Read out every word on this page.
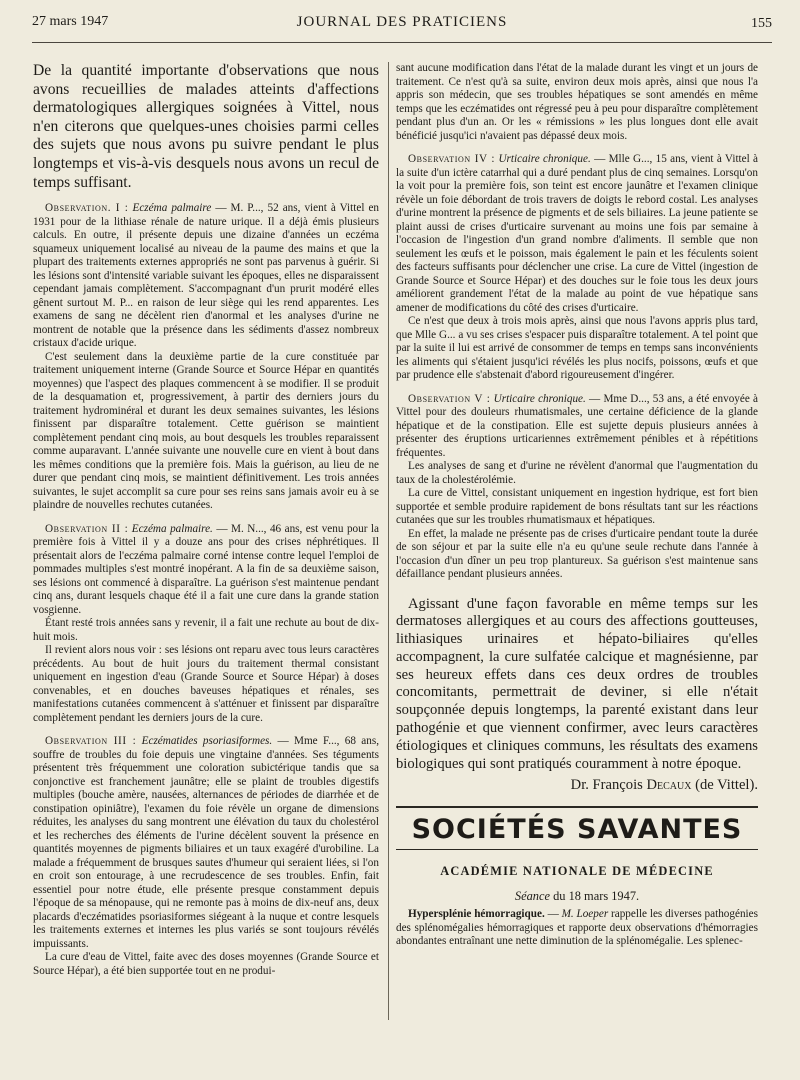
27 mars 1947	JOURNAL DES PRATICIENS	155

De la quantité importante d'observations que nous avons recueillies de malades atteints d'affections dermatologiques allergiques soignées à Vittel, nous n'en citerons que quelques-unes choisies parmi celles des sujets que nous avons pu suivre pendant le plus longtemps et vis-à-vis desquels nous avons un recul de temps suffisant.

Observation. I : Eczéma palmaire — M. P..., 52 ans, vient à Vittel en 1931 pour de la lithiase rénale de nature urique. Il a déjà émis plusieurs calculs. En outre, il présente depuis une dizaine d'années un eczéma squameux uniquement localisé au niveau de la paume des mains et que la plupart des traitements externes appropriés ne sont pas parvenus à guérir. Si les lésions sont d'intensité variable suivant les époques, elles ne disparaissent cependant jamais complètement. S'accompagnant d'un prurit modéré elles gênent surtout M. P... en raison de leur siège qui les rend apparentes. Les examens de sang ne décèlent rien d'anormal et les analyses d'urine ne montrent de notable que la présence dans les sédiments d'assez nombreux cristaux d'acide urique.

C'est seulement dans la deuxième partie de la cure constituée par traitement uniquement interne (Grande Source et Source Hépar en quantités moyennes) que l'aspect des plaques commencent à se modifier. Il se produit de la desquamation et, progressivement, à partir des derniers jours du traitement hydrominéral et durant les deux semaines suivantes, les lésions finissent par disparaître totalement. Cette guérison se maintient complètement pendant cinq mois, au bout desquels les troubles reparaissent comme auparavant. L'année suivante une nouvelle cure en vient à bout dans les mêmes conditions que la première fois. Mais la guérison, au lieu de ne durer que pendant cinq mois, se maintient définitivement. Les trois années suivantes, le sujet accomplit sa cure pour ses reins sans jamais avoir eu à se plaindre de nouvelles rechutes cutanées.

Observation II : Eczéma palmaire. — M. N..., 46 ans, est venu pour la première fois à Vittel il y a douze ans pour des crises néphrétiques. Il présentait alors de l'eczéma palmaire corné intense contre lequel l'emploi de pommades multiples s'est montré inopérant. A la fin de sa deuxième saison, ses lésions ont commencé à disparaître. La guérison s'est maintenue pendant cinq ans, durant lesquels chaque été il a fait une cure dans la grande station vosgienne.

Étant resté trois années sans y revenir, il a fait une rechute au bout de dix-huit mois.

Il revient alors nous voir : ses lésions ont reparu avec tous leurs caractères précédents. Au bout de huit jours du traitement thermal consistant uniquement en ingestion d'eau (Grande Source et Source Hépar) à doses convenables, et en douches baveuses hépatiques et rénales, ses manifestations cutanées commencent à s'atténuer et finissent par disparaître complètement pendant les derniers jours de la cure.

Observation III : Eczématides psoriasiformes. — Mme F..., 68 ans, souffre de troubles du foie depuis une vingtaine d'années. Ses téguments présentent très fréquemment une coloration subictérique tandis que sa conjonctive est franchement jaunâtre; elle se plaint de troubles digestifs multiples (bouche amère, nausées, alternances de périodes de diarrhée et de constipation opiniâtre), l'examen du foie révèle un organe de dimensions réduites, les analyses du sang montrent une élévation du taux du cholestérol et les recherches des éléments de l'urine décèlent souvent la présence en quantités moyennes de pigments biliaires et un taux exagéré d'urobiline. La malade a fréquemment de brusques sautes d'humeur qui seraient liées, si l'on en croit son entourage, à une recrudescence de ses troubles. Enfin, fait essentiel pour notre étude, elle présente presque constamment depuis l'époque de sa ménopause, qui ne remonte pas à moins de dix-neuf ans, deux placards d'eczématides psoriasiformes siégeant à la nuque et contre lesquels les traitements externes et internes les plus variés se sont toujours révélés impuissants.

La cure d'eau de Vittel, faite avec des doses moyennes (Grande Source et Source Hépar), a été bien supportée tout en ne produi-

sant aucune modification dans l'état de la malade durant les vingt et un jours de traitement. Ce n'est qu'à sa suite, environ deux mois après, ainsi que nous l'a appris son médecin, que ses troubles hépatiques se sont amendés en même temps que les eczématides ont régressé peu à peu pour disparaître complètement pendant plus d'un an. Or les « rémissions » les plus longues dont elle avait bénéficié jusqu'ici n'avaient pas dépassé deux mois.

Observation IV : Urticaire chronique. — Mlle G..., 15 ans, vient à Vittel à la suite d'un ictère catarrhal qui a duré pendant plus de cinq semaines. Lorsqu'on la voit pour la première fois, son teint est encore jaunâtre et l'examen clinique révèle un foie débordant de trois travers de doigts le rebord costal. Les analyses d'urine montrent la présence de pigments et de sels biliaires. La jeune patiente se plaint aussi de crises d'urticaire survenant au moins une fois par semaine à l'occasion de l'ingestion d'un grand nombre d'aliments. Il semble que non seulement les œufs et le poisson, mais également le pain et les féculents soient des facteurs suffisants pour déclencher une crise. La cure de Vittel (ingestion de Grande Source et Source Hépar) et des douches sur le foie tous les deux jours améliorent grandement l'état de la malade au point de vue hépatique sans amener de modifications du côté des crises d'urticaire.

Ce n'est que deux à trois mois après, ainsi que nous l'avons appris plus tard, que Mlle G... a vu ses crises s'espacer puis disparaître totalement. A tel point que par la suite il lui est arrivé de consommer de temps en temps sans inconvénients les aliments qui s'étaient jusqu'ici révélés les plus nocifs, poissons, œufs et que par prudence elle s'abstenait d'abord rigoureusement d'ingérer.

Observation V : Urticaire chronique. — Mme D..., 53 ans, a été envoyée à Vittel pour des douleurs rhumatismales, une certaine déficience de la glande hépatique et de la constipation. Elle est sujette depuis plusieurs années à présenter des éruptions urticariennes extrêmement pénibles et à répétitions fréquentes.

Les analyses de sang et d'urine ne révèlent d'anormal que l'augmentation du taux de la cholestérolémie.

La cure de Vittel, consistant uniquement en ingestion hydrique, est fort bien supportée et semble produire rapidement de bons résultats tant sur les réactions cutanées que sur les troubles rhumatismaux et hépatiques.

En effet, la malade ne présente pas de crises d'urticaire pendant toute la durée de son séjour et par la suite elle n'a eu qu'une seule rechute dans l'année à l'occasion d'un dîner un peu trop plantureux. Sa guérison s'est maintenue sans défaillance pendant plusieurs années.

Agissant d'une façon favorable en même temps sur les dermatoses allergiques et au cours des affections goutteuses, lithiasiques urinaires et hépato-biliaires qu'elles accompagnent, la cure sulfatée calcique et magnésienne, par ses heureux effets dans ces deux ordres de troubles concomitants, permettrait de deviner, si elle n'était soupçonnée depuis longtemps, la parenté existant dans leur pathogénie et que viennent confirmer, avec leurs caractères étiologiques et cliniques communs, les résultats des examens biologiques qui sont pratiqués couramment à notre époque.

Dr. François Decaux (de Vittel).

SOCIÉTÉS SAVANTES
ACADÉMIE NATIONALE DE MÉDECINE
Séance du 18 mars 1947.

Hypersplénie hémorragique. — M. Loeper rappelle les diverses pathogénies des splénomégalies hémorragiques et rapporte deux observations d'hémorragies abondantes entraînant une nette diminution de la splénomégalie. Les splenec-
